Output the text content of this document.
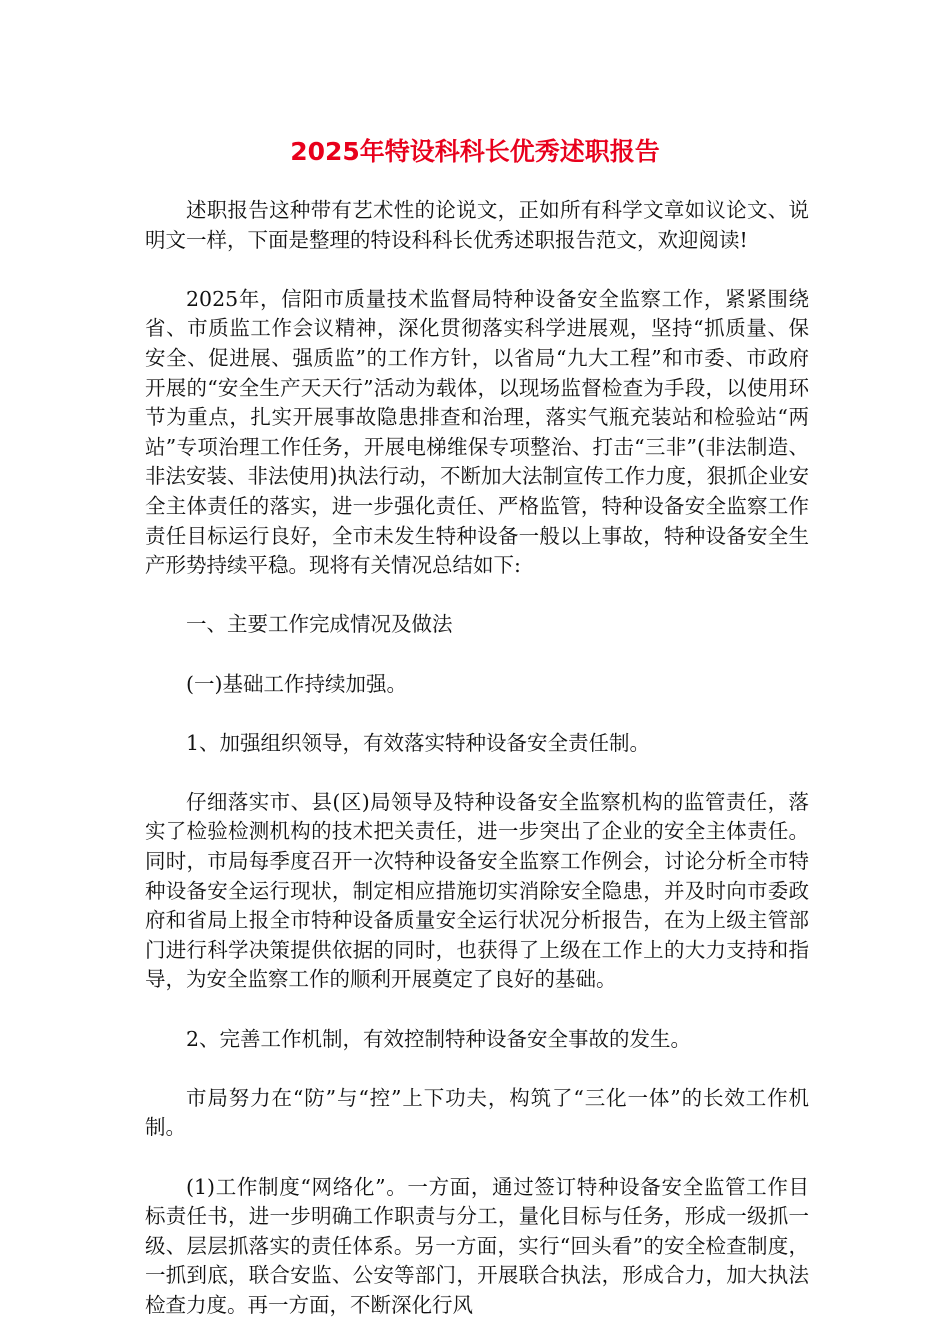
2025年特设科科长优秀述职报告

述职报告这种带有艺术性的论说文，正如所有科学文章如议论文、说明文一样，下面是整理的特设科科长优秀述职报告范文，欢迎阅读!

2025年，信阳市质量技术监督局特种设备安全监察工作，紧紧围绕省、市质监工作会议精神，深化贯彻落实科学进展观，坚持“抓质量、保安全、促进展、强质监”的工作方针，以省局“九大工程”和市委、市政府开展的“安全生产天天行”活动为载体，以现场监督检查为手段，以使用环节为重点，扎实开展事故隐患排查和治理，落实气瓶充装站和检验站“两站”专项治理工作任务，开展电梯维保专项整治、打击“三非”(非法制造、非法安装、非法使用)执法行动，不断加大法制宣传工作力度，狠抓企业安全主体责任的落实，进一步强化责任、严格监管，特种设备安全监察工作责任目标运行良好，全市未发生特种设备一般以上事故，特种设备安全生产形势持续平稳。现将有关情况总结如下:

一、主要工作完成情况及做法

(一)基础工作持续加强。

1、加强组织领导，有效落实特种设备安全责任制。

仔细落实市、县(区)局领导及特种设备安全监察机构的监管责任，落实了检验检测机构的技术把关责任，进一步突出了企业的安全主体责任。同时，市局每季度召开一次特种设备安全监察工作例会，讨论分析全市特种设备安全运行现状，制定相应措施切实消除安全隐患，并及时向市委政府和省局上报全市特种设备质量安全运行状况分析报告，在为上级主管部门进行科学决策提供依据的同时，也获得了上级在工作上的大力支持和指导，为安全监察工作的顺利开展奠定了良好的基础。

2、完善工作机制，有效控制特种设备安全事故的发生。

市局努力在“防”与“控”上下功夫，构筑了“三化一体”的长效工作机制。

(1)工作制度“网络化”。一方面，通过签订特种设备安全监管工作目标责任书，进一步明确工作职责与分工，量化目标与任务，形成一级抓一级、层层抓落实的责任体系。另一方面，实行“回头看”的安全检查制度，一抓到底，联合安监、公安等部门，开展联合执法，形成合力，加大执法检查力度。再一方面，不断深化行风
